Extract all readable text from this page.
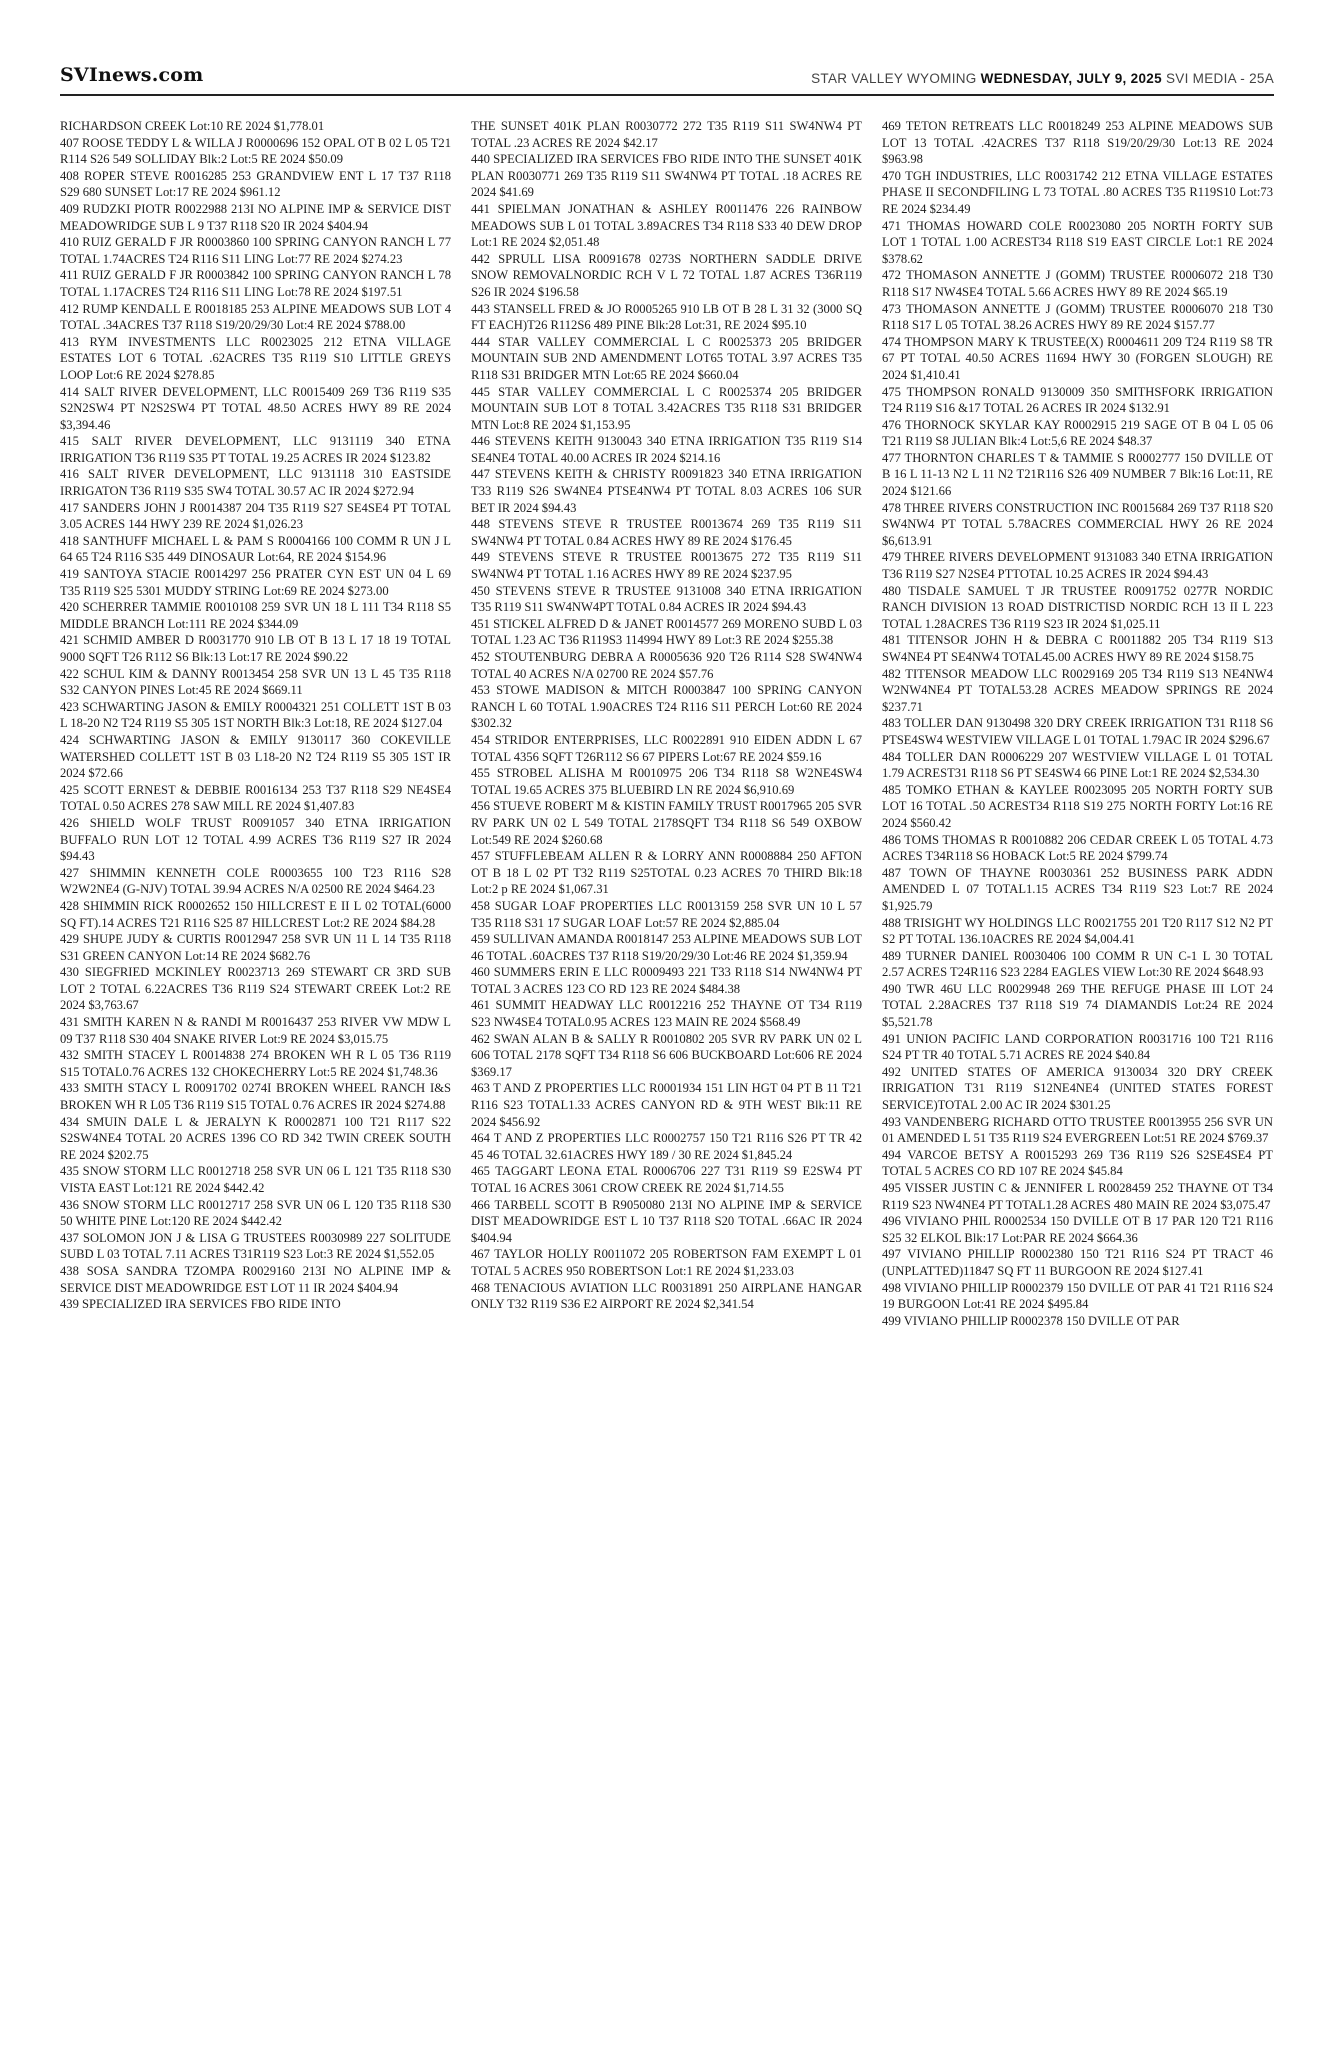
SVInews.com	STAR VALLEY WYOMING WEDNESDAY, JULY 9, 2025 SVI MEDIA - 25A

RICHARDSON CREEK Lot:10 RE 2024 $1,778.01

407 ROOSE TEDDY L & WILLA J R0000696 152 OPAL OT B 02 L 05 T21 R114 S26 549 SOLLIDAY Blk:2 Lot:5 RE 2024 $50.09

408 ROPER STEVE R0016285 253 GRANDVIEW ENT L 17 T37 R118 S29 680 SUNSET Lot:17 RE 2024 $961.12

409 RUDZKI PIOTR R0022988 213I NO ALPINE IMP & SERVICE DIST MEADOWRIDGE SUB L 9 T37 R118 S20 IR 2024 $404.94

410 RUIZ GERALD F JR R0003860 100 SPRING CANYON RANCH L 77 TOTAL 1.74ACRES T24 R116 S11 LING Lot:77 RE 2024 $274.23

411 RUIZ GERALD F JR R0003842 100 SPRING CANYON RANCH L 78 TOTAL 1.17ACRES T24 R116 S11 LING Lot:78 RE 2024 $197.51

412 RUMP KENDALL E R0018185 253 ALPINE MEADOWS SUB LOT 4 TOTAL .34ACRES T37 R118 S19/20/29/30 Lot:4 RE 2024 $788.00

413 RYM INVESTMENTS LLC R0023025 212 ETNA VILLAGE ESTATES LOT 6 TOTAL .62ACRES T35 R119 S10 LITTLE GREYS LOOP Lot:6 RE 2024 $278.85

414 SALT RIVER DEVELOPMENT, LLC R0015409 269 T36 R119 S35 S2N2SW4 PT N2S2SW4 PT TOTAL 48.50 ACRES HWY 89 RE 2024 $3,394.46

415 SALT RIVER DEVELOPMENT, LLC 9131119 340 ETNA IRRIGATION T36 R119 S35 PT TOTAL 19.25 ACRES IR 2024 $123.82

416 SALT RIVER DEVELOPMENT, LLC 9131118 310 EASTSIDE IRRIGATON T36 R119 S35 SW4 TOTAL 30.57 AC IR 2024 $272.94

417 SANDERS JOHN J R0014387 204 T35 R119 S27 SE4SE4 PT TOTAL 3.05 ACRES 144 HWY 239 RE 2024 $1,026.23

418 SANTHUFF MICHAEL L & PAM S R0004166 100 COMM R UN J L 64 65 T24 R116 S35 449 DINOSAUR Lot:64, RE 2024 $154.96

419 SANTOYA STACIE R0014297 256 PRATER CYN EST UN 04 L 69 T35 R119 S25 5301 MUDDY STRING Lot:69 RE 2024 $273.00

420 SCHERRER TAMMIE R0010108 259 SVR UN 18 L 111 T34 R118 S5 MIDDLE BRANCH Lot:111 RE 2024 $344.09

421 SCHMID AMBER D R0031770 910 LB OT B 13 L 17 18 19 TOTAL 9000 SQFT T26 R112 S6 Blk:13 Lot:17 RE 2024 $90.22

422 SCHUL KIM & DANNY R0013454 258 SVR UN 13 L 45 T35 R118 S32 CANYON PINES Lot:45 RE 2024 $669.11

423 SCHWARTING JASON & EMILY R0004321 251 COLLETT 1ST B 03 L 18-20 N2 T24 R119 S5 305 1ST NORTH Blk:3 Lot:18, RE 2024 $127.04

424 SCHWARTING JASON & EMILY 9130117 360 COKEVILLE WATERSHED COLLETT 1ST B 03 L18-20 N2 T24 R119 S5 305 1ST IR 2024 $72.66

425 SCOTT ERNEST & DEBBIE R0016134 253 T37 R118 S29 NE4SE4 TOTAL 0.50 ACRES 278 SAW MILL RE 2024 $1,407.83

426 SHIELD WOLF TRUST R0091057 340 ETNA IRRIGATION BUFFALO RUN LOT 12 TOTAL 4.99 ACRES T36 R119 S27 IR 2024 $94.43

427 SHIMMIN KENNETH COLE R0003655 100 T23 R116 S28 W2W2NE4 (G-NJV) TOTAL 39.94 ACRES N/A 02500 RE 2024 $464.23

428 SHIMMIN RICK R0002652 150 HILLCREST E II L 02 TOTAL(6000 SQ FT).14 ACRES T21 R116 S25 87 HILLCREST Lot:2 RE 2024 $84.28

429 SHUPE JUDY & CURTIS R0012947 258 SVR UN 11 L 14 T35 R118 S31 GREEN CANYON Lot:14 RE 2024 $682.76

430 SIEGFRIED MCKINLEY R0023713 269 STEWART CR 3RD SUB LOT 2 TOTAL 6.22ACRES T36 R119 S24 STEWART CREEK Lot:2 RE 2024 $3,763.67

431 SMITH KAREN N & RANDI M R0016437 253 RIVER VW MDW L 09 T37 R118 S30 404 SNAKE RIVER Lot:9 RE 2024 $3,015.75

432 SMITH STACEY L R0014838 274 BROKEN WH R L 05 T36 R119 S15 TOTAL0.76 ACRES 132 CHOKECHERRY Lot:5 RE 2024 $1,748.36

433 SMITH STACY L R0091702 0274I BROKEN WHEEL RANCH I&S BROKEN WH R L05 T36 R119 S15 TOTAL 0.76 ACRES IR 2024 $274.88

434 SMUIN DALE L & JERALYN K R0002871 100 T21 R117 S22 S2SW4NE4 TOTAL 20 ACRES 1396 CO RD 342 TWIN CREEK SOUTH RE 2024 $202.75

435 SNOW STORM LLC R0012718 258 SVR UN 06 L 121 T35 R118 S30 VISTA EAST Lot:121 RE 2024 $442.42

436 SNOW STORM LLC R0012717 258 SVR UN 06 L 120 T35 R118 S30 50 WHITE PINE Lot:120 RE 2024 $442.42

437 SOLOMON JON J & LISA G TRUSTEES R0030989 227 SOLITUDE SUBD L 03 TOTAL 7.11 ACRES T31R119 S23 Lot:3 RE 2024 $1,552.05

438 SOSA SANDRA TZOMPA R0029160 213I NO ALPINE IMP & SERVICE DIST MEADOWRIDGE EST LOT 11 IR 2024 $404.94

439 SPECIALIZED IRA SERVICES FBO RIDE INTO

THE SUNSET 401K PLAN R0030772 272 T35 R119 S11 SW4NW4 PT TOTAL .23 ACRES RE 2024 $42.17

440 SPECIALIZED IRA SERVICES FBO RIDE INTO THE SUNSET 401K PLAN R0030771 269 T35 R119 S11 SW4NW4 PT TOTAL .18 ACRES RE 2024 $41.69

441 SPIELMAN JONATHAN & ASHLEY R0011476 226 RAINBOW MEADOWS SUB L 01 TOTAL 3.89ACRES T34 R118 S33 40 DEW DROP Lot:1 RE 2024 $2,051.48

442 SPRULL LISA R0091678 0273S NORTHERN SADDLE DRIVE SNOW REMOVALNORDIC RCH V L 72 TOTAL 1.87 ACRES T36R119 S26 IR 2024 $196.58

443 STANSELL FRED & JO R0005265 910 LB OT B 28 L 31 32 (3000 SQ FT EACH)T26 R112S6 489 PINE Blk:28 Lot:31, RE 2024 $95.10

444 STAR VALLEY COMMERCIAL L C R0025373 205 BRIDGER MOUNTAIN SUB 2ND AMENDMENT LOT65 TOTAL 3.97 ACRES T35 R118 S31 BRIDGER MTN Lot:65 RE 2024 $660.04

445 STAR VALLEY COMMERCIAL L C R0025374 205 BRIDGER MOUNTAIN SUB LOT 8 TOTAL 3.42ACRES T35 R118 S31 BRIDGER MTN Lot:8 RE 2024 $1,153.95

446 STEVENS KEITH 9130043 340 ETNA IRRIGATION T35 R119 S14 SE4NE4 TOTAL 40.00 ACRES IR 2024 $214.16

447 STEVENS KEITH & CHRISTY R0091823 340 ETNA IRRIGATION T33 R119 S26 SW4NE4 PTSE4NW4 PT TOTAL 8.03 ACRES 106 SUR BET IR 2024 $94.43

448 STEVENS STEVE R TRUSTEE R0013674 269 T35 R119 S11 SW4NW4 PT TOTAL 0.84 ACRES HWY 89 RE 2024 $176.45

449 STEVENS STEVE R TRUSTEE R0013675 272 T35 R119 S11 SW4NW4 PT TOTAL 1.16 ACRES HWY 89 RE 2024 $237.95

450 STEVENS STEVE R TRUSTEE 9131008 340 ETNA IRRIGATION T35 R119 S11 SW4NW4PT TOTAL 0.84 ACRES IR 2024 $94.43

451 STICKEL ALFRED D & JANET R0014577 269 MORENO SUBD L 03 TOTAL 1.23 AC T36 R119S3 114994 HWY 89 Lot:3 RE 2024 $255.38

452 STOUTENBURG DEBRA A R0005636 920 T26 R114 S28 SW4NW4 TOTAL 40 ACRES N/A 02700 RE 2024 $57.76

453 STOWE MADISON & MITCH R0003847 100 SPRING CANYON RANCH L 60 TOTAL 1.90ACRES T24 R116 S11 PERCH Lot:60 RE 2024 $302.32

454 STRIDOR ENTERPRISES, LLC R0022891 910 EIDEN ADDN L 67 TOTAL 4356 SQFT T26R112 S6 67 PIPERS Lot:67 RE 2024 $59.16

455 STROBEL ALISHA M R0010975 206 T34 R118 S8 W2NE4SW4 TOTAL 19.65 ACRES 375 BLUEBIRD LN RE 2024 $6,910.69

456 STUEVE ROBERT M & KISTIN FAMILY TRUST R0017965 205 SVR RV PARK UN 02 L 549 TOTAL 2178SQFT T34 R118 S6 549 OXBOW Lot:549 RE 2024 $260.68

457 STUFFLEBEAM ALLEN R & LORRY ANN R0008884 250 AFTON OT B 18 L 02 PT T32 R119 S25TOTAL 0.23 ACRES 70 THIRD Blk:18 Lot:2 p RE 2024 $1,067.31

458 SUGAR LOAF PROPERTIES LLC R0013159 258 SVR UN 10 L 57 T35 R118 S31 17 SUGAR LOAF Lot:57 RE 2024 $2,885.04

459 SULLIVAN AMANDA R0018147 253 ALPINE MEADOWS SUB LOT 46 TOTAL .60ACRES T37 R118 S19/20/29/30 Lot:46 RE 2024 $1,359.94

460 SUMMERS ERIN E LLC R0009493 221 T33 R118 S14 NW4NW4 PT TOTAL 3 ACRES 123 CO RD 123 RE 2024 $484.38

461 SUMMIT HEADWAY LLC R0012216 252 THAYNE OT T34 R119 S23 NW4SE4 TOTAL0.95 ACRES 123 MAIN RE 2024 $568.49

462 SWAN ALAN B & SALLY R R0010802 205 SVR RV PARK UN 02 L 606 TOTAL 2178 SQFT T34 R118 S6 606 BUCKBOARD Lot:606 RE 2024 $369.17

463 T AND Z PROPERTIES LLC R0001934 151 LIN HGT 04 PT B 11 T21 R116 S23 TOTAL1.33 ACRES CANYON RD & 9TH WEST Blk:11 RE 2024 $456.92

464 T AND Z PROPERTIES LLC R0002757 150 T21 R116 S26 PT TR 42 45 46 TOTAL 32.61ACRES HWY 189 / 30 RE 2024 $1,845.24

465 TAGGART LEONA ETAL R0006706 227 T31 R119 S9 E2SW4 PT TOTAL 16 ACRES 3061 CROW CREEK RE 2024 $1,714.55

466 TARBELL SCOTT B R9050080 213I NO ALPINE IMP & SERVICE DIST MEADOWRIDGE EST L 10 T37 R118 S20 TOTAL .66AC IR 2024 $404.94

467 TAYLOR HOLLY R0011072 205 ROBERTSON FAM EXEMPT L 01 TOTAL 5 ACRES 950 ROBERTSON Lot:1 RE 2024 $1,233.03

468 TENACIOUS AVIATION LLC R0031891 250 AIRPLANE HANGAR ONLY T32 R119 S36 E2 AIRPORT RE 2024 $2,341.54

469 TETON RETREATS LLC R0018249 253 ALPINE MEADOWS SUB LOT 13 TOTAL .42ACRES T37 R118 S19/20/29/30 Lot:13 RE 2024 $963.98

470 TGH INDUSTRIES, LLC R0031742 212 ETNA VILLAGE ESTATES PHASE II SECONDFILING L 73 TOTAL .80 ACRES T35 R119S10 Lot:73 RE 2024 $234.49

471 THOMAS HOWARD COLE R0023080 205 NORTH FORTY SUB LOT 1 TOTAL 1.00 ACREST34 R118 S19 EAST CIRCLE Lot:1 RE 2024 $378.62

472 THOMASON ANNETTE J (GOMM) TRUSTEE R0006072 218 T30 R118 S17 NW4SE4 TOTAL 5.66 ACRES HWY 89 RE 2024 $65.19

473 THOMASON ANNETTE J (GOMM) TRUSTEE R0006070 218 T30 R118 S17 L 05 TOTAL 38.26 ACRES HWY 89 RE 2024 $157.77

474 THOMPSON MARY K TRUSTEE(X) R0004611 209 T24 R119 S8 TR 67 PT TOTAL 40.50 ACRES 11694 HWY 30 (FORGEN SLOUGH) RE 2024 $1,410.41

475 THOMPSON RONALD 9130009 350 SMITHSFORK IRRIGATION T24 R119 S16 &17 TOTAL 26 ACRES IR 2024 $132.91

476 THORNOCK SKYLAR KAY R0002915 219 SAGE OT B 04 L 05 06 T21 R119 S8 JULIAN Blk:4 Lot:5,6 RE 2024 $48.37

477 THORNTON CHARLES T & TAMMIE S R0002777 150 DVILLE OT B 16 L 11-13 N2 L 11 N2 T21R116 S26 409 NUMBER 7 Blk:16 Lot:11, RE 2024 $121.66

478 THREE RIVERS CONSTRUCTION INC R0015684 269 T37 R118 S20 SW4NW4 PT TOTAL 5.78ACRES COMMERCIAL HWY 26 RE 2024 $6,613.91

479 THREE RIVERS DEVELOPMENT 9131083 340 ETNA IRRIGATION T36 R119 S27 N2SE4 PTTOTAL 10.25 ACRES IR 2024 $94.43

480 TISDALE SAMUEL T JR TRUSTEE R0091752 0277R NORDIC RANCH DIVISION 13 ROAD DISTRICTISD NORDIC RCH 13 II L 223 TOTAL 1.28ACRES T36 R119 S23 IR 2024 $1,025.11

481 TITENSOR JOHN H & DEBRA C R0011882 205 T34 R119 S13 SW4NE4 PT SE4NW4 TOTAL45.00 ACRES HWY 89 RE 2024 $158.75

482 TITENSOR MEADOW LLC R0029169 205 T34 R119 S13 NE4NW4 W2NW4NE4 PT TOTAL53.28 ACRES MEADOW SPRINGS RE 2024 $237.71

483 TOLLER DAN 9130498 320 DRY CREEK IRRIGATION T31 R118 S6 PTSE4SW4 WESTVIEW VILLAGE L 01 TOTAL 1.79AC IR 2024 $296.67

484 TOLLER DAN R0006229 207 WESTVIEW VILLAGE L 01 TOTAL 1.79 ACREST31 R118 S6 PT SE4SW4 66 PINE Lot:1 RE 2024 $2,534.30

485 TOMKO ETHAN & KAYLEE R0023095 205 NORTH FORTY SUB LOT 16 TOTAL .50 ACREST34 R118 S19 275 NORTH FORTY Lot:16 RE 2024 $560.42

486 TOMS THOMAS R R0010882 206 CEDAR CREEK L 05 TOTAL 4.73 ACRES T34R118 S6 HOBACK Lot:5 RE 2024 $799.74

487 TOWN OF THAYNE R0030361 252 BUSINESS PARK ADDN AMENDED L 07 TOTAL1.15 ACRES T34 R119 S23 Lot:7 RE 2024 $1,925.79

488 TRISIGHT WY HOLDINGS LLC R0021755 201 T20 R117 S12 N2 PT S2 PT TOTAL 136.10ACRES RE 2024 $4,004.41

489 TURNER DANIEL R0030406 100 COMM R UN C-1 L 30 TOTAL 2.57 ACRES T24R116 S23 2284 EAGLES VIEW Lot:30 RE 2024 $648.93

490 TWR 46U LLC R0029948 269 THE REFUGE PHASE III LOT 24 TOTAL 2.28ACRES T37 R118 S19 74 DIAMANDIS Lot:24 RE 2024 $5,521.78

491 UNION PACIFIC LAND CORPORATION R0031716 100 T21 R116 S24 PT TR 40 TOTAL 5.71 ACRES RE 2024 $40.84

492 UNITED STATES OF AMERICA 9130034 320 DRY CREEK IRRIGATION T31 R119 S12NE4NE4 (UNITED STATES FOREST SERVICE)TOTAL 2.00 AC IR 2024 $301.25

493 VANDENBERG RICHARD OTTO TRUSTEE R0013955 256 SVR UN 01 AMENDED L 51 T35 R119 S24 EVERGREEN Lot:51 RE 2024 $769.37

494 VARCOE BETSY A R0015293 269 T36 R119 S26 S2SE4SE4 PT TOTAL 5 ACRES CO RD 107 RE 2024 $45.84

495 VISSER JUSTIN C & JENNIFER L R0028459 252 THAYNE OT T34 R119 S23 NW4NE4 PT TOTAL1.28 ACRES 480 MAIN RE 2024 $3,075.47

496 VIVIANO PHIL R0002534 150 DVILLE OT B 17 PAR 120 T21 R116 S25 32 ELKOL Blk:17 Lot:PAR RE 2024 $664.36

497 VIVIANO PHILLIP R0002380 150 T21 R116 S24 PT TRACT 46 (UNPLATTED)11847 SQ FT 11 BURGOON RE 2024 $127.41

498 VIVIANO PHILLIP R0002379 150 DVILLE OT PAR 41 T21 R116 S24 19 BURGOON Lot:41 RE 2024 $495.84

499 VIVIANO PHILLIP R0002378 150 DVILLE OT PAR
